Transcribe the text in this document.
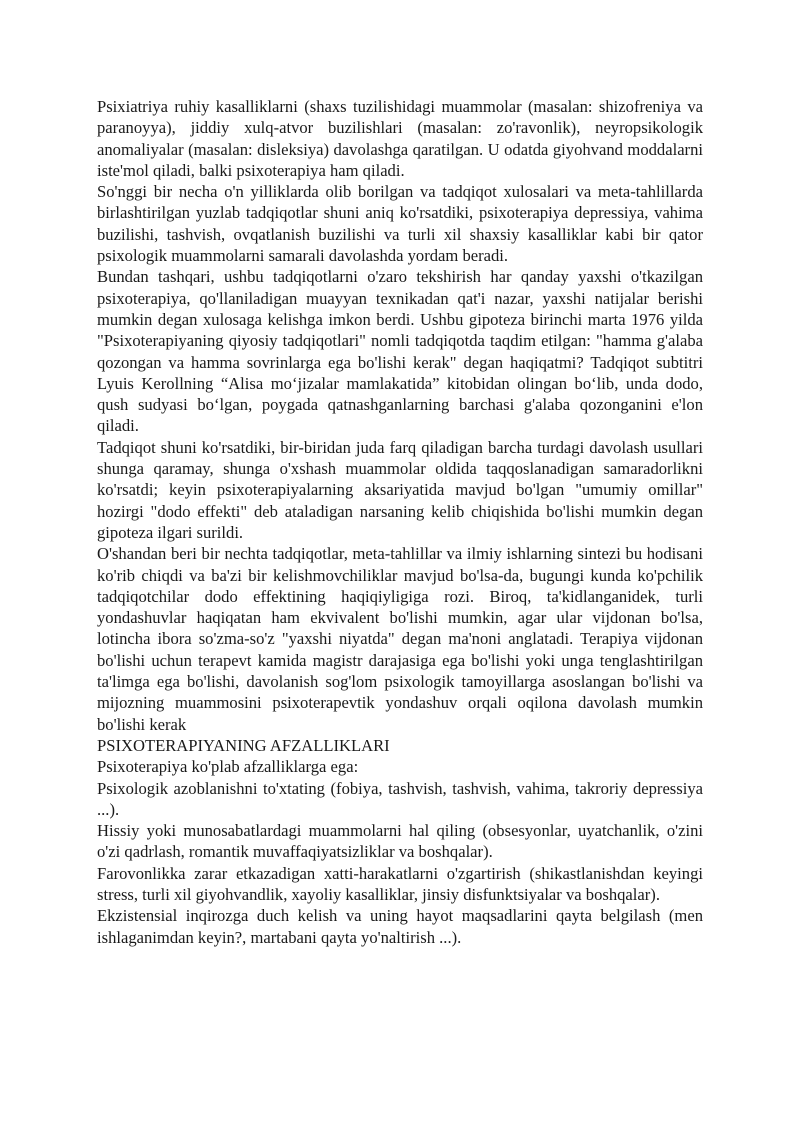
Psixiatriya ruhiy kasalliklarni (shaxs tuzilishidagi muammolar (masalan: shizofreniya va paranoyya), jiddiy xulq-atvor buzilishlari (masalan: zo'ravonlik), neyropsikologik anomaliyalar (masalan: disleksiya) davolashga qaratilgan. U odatda giyohvand moddalarni iste'mol qiladi, balki psixoterapiya ham qiladi.

So'nggi bir necha o'n yilliklarda olib borilgan va tadqiqot xulosalari va meta-tahlillarda birlashtirilgan yuzlab tadqiqotlar shuni aniq ko'rsatdiki, psixoterapiya depressiya, vahima buzilishi, tashvish, ovqatlanish buzilishi va turli xil shaxsiy kasalliklar kabi bir qator psixologik muammolarni samarali davolashda yordam beradi.

Bundan tashqari, ushbu tadqiqotlarni o'zaro tekshirish har qanday yaxshi o'tkazilgan psixoterapiya, qo'llaniladigan muayyan texnikadan qat'i nazar, yaxshi natijalar berishi mumkin degan xulosaga kelishga imkon berdi. Ushbu gipoteza birinchi marta 1976 yilda "Psixoterapiyaning qiyosiy tadqiqotlari" nomli tadqiqotda taqdim etilgan: "hamma g'alaba qozongan va hamma sovrinlarga ega bo'lishi kerak" degan haqiqatmi? Tadqiqot subtitri Lyuis Kerollning “Alisa mo‘jizalar mamlakatida” kitobidan olingan bo‘lib, unda dodo, qush sudyasi bo‘lgan, poygada qatnashganlarning barchasi g'alaba qozonganini e'lon qiladi.

Tadqiqot shuni ko'rsatdiki, bir-biridan juda farq qiladigan barcha turdagi davolash usullari shunga qaramay, shunga o'xshash muammolar oldida taqqoslanadigan samaradorlikni ko'rsatdi; keyin psixoterapiyalarning aksariyatida mavjud bo'lgan "umumiy omillar" hozirgi "dodo effekti" deb ataladigan narsaning kelib chiqishida bo'lishi mumkin degan gipoteza ilgari surildi.

O'shandan beri bir nechta tadqiqotlar, meta-tahlillar va ilmiy ishlarning sintezi bu hodisani ko'rib chiqdi va ba'zi bir kelishmovchiliklar mavjud bo'lsa-da, bugungi kunda ko'pchilik tadqiqotchilar dodo effektining haqiqiyligiga rozi. Biroq, ta'kidlanganidek, turli yondashuvlar haqiqatan ham ekvivalent bo'lishi mumkin, agar ular vijdonan bo'lsa, lotincha ibora so'zma-so'z "yaxshi niyatda" degan ma'noni anglatadi. Terapiya vijdonan bo'lishi uchun terapevt kamida magistr darajasiga ega bo'lishi yoki unga tenglashtirilgan ta'limga ega bo'lishi, davolanish sog'lom psixologik tamoyillarga asoslangan bo'lishi va mijozning muammosini psixoterapevtik yondashuv orqali oqilona davolash mumkin bo'lishi kerak

PSIXOTERAPIYANING AFZALLIKLARI

Psixoterapiya ko'plab afzalliklarga ega:

Psixologik azoblanishni to'xtating (fobiya, tashvish, tashvish, vahima, takroriy depressiya ...).

Hissiy yoki munosabatlardagi muammolarni hal qiling (obsesyonlar, uyatchanlik, o'zini o'zi qadrlash, romantik muvaffaqiyatsizliklar va boshqalar).

Farovonlikka zarar etkazadigan xatti-harakatlarni o'zgartirish (shikastlanishdan keyingi stress, turli xil giyohvandlik, xayoliy kasalliklar, jinsiy disfunktsiyalar va boshqalar).

Ekzistensial inqirozga duch kelish va uning hayot maqsadlarini qayta belgilash (men ishlaganimdan keyin?, martabani qayta yo'naltirish ...).
